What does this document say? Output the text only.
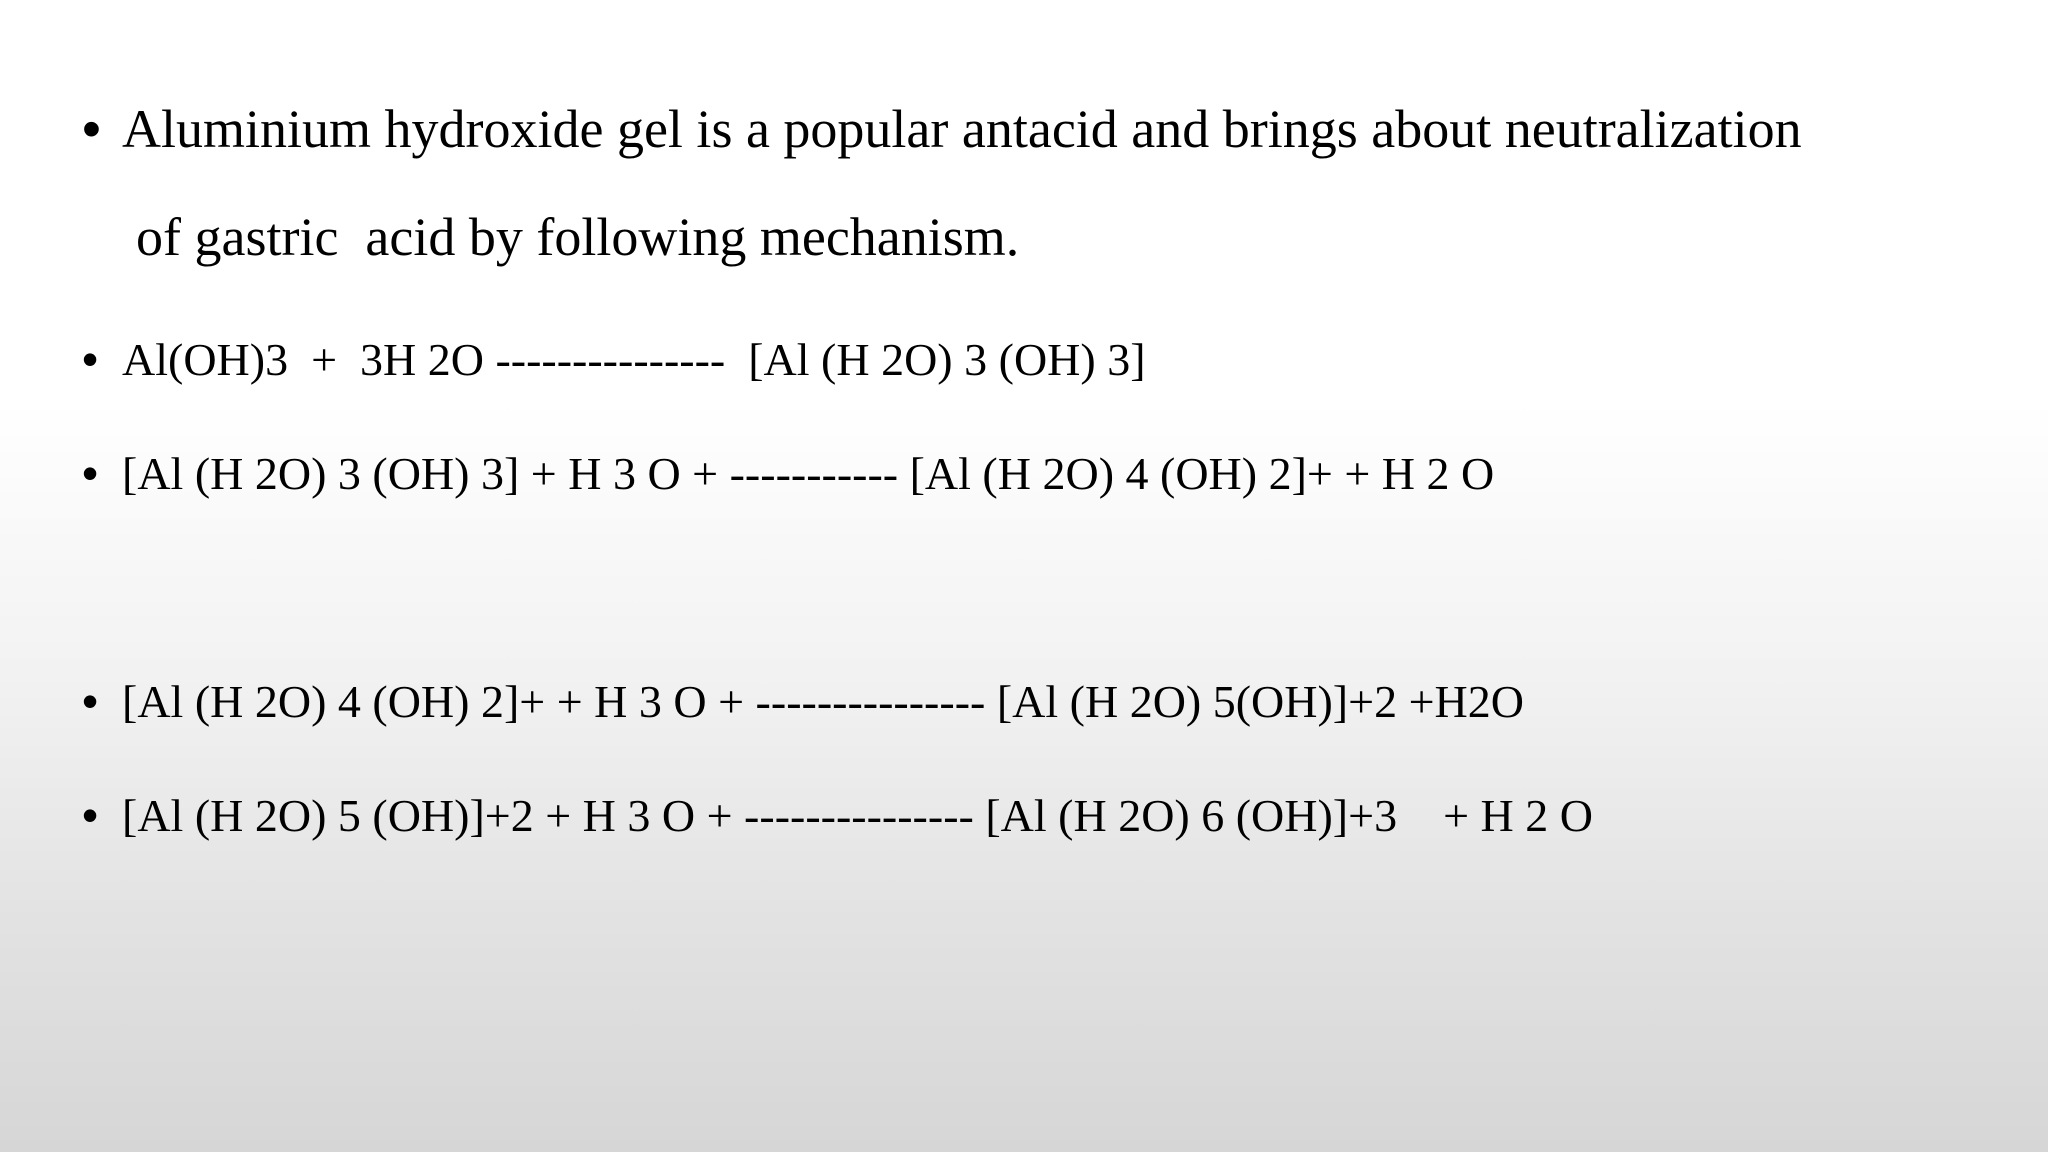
• Aluminium hydroxide gel is a popular antacid and brings about neutralization
of gastric  acid by following mechanism.
• Al(OH)3  +  3H 2O ---------------  [Al (H 2O) 3 (OH) 3]
• [Al (H 2O) 3 (OH) 3] + H 3 O + ----------- [Al (H 2O) 4 (OH) 2]+ + H 2 O
• [Al (H 2O) 4 (OH) 2]+ + H 3 O + --------------- [Al (H 2O) 5(OH)]+2 +H2O
• [Al (H 2O) 5 (OH)]+2 + H 3 O + --------------- [Al (H 2O) 6 (OH)]+3    + H 2 O
